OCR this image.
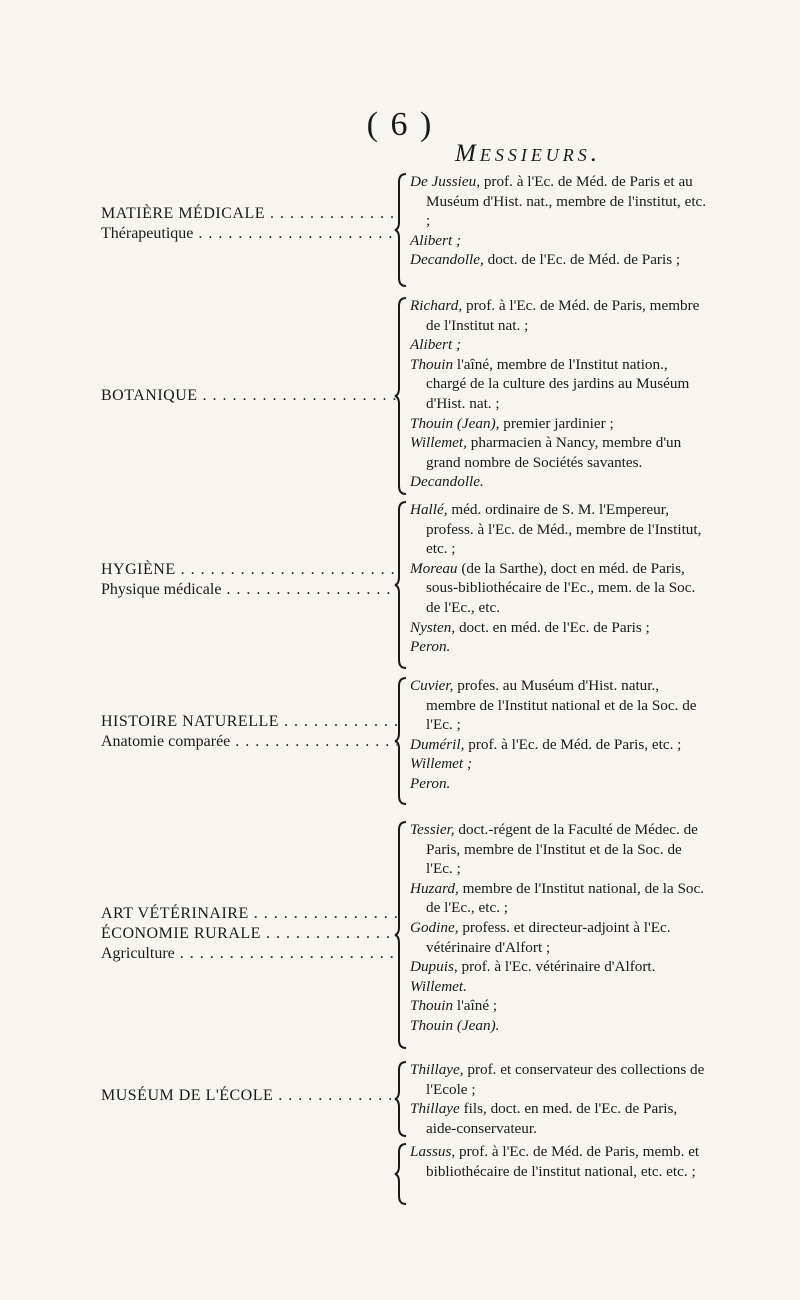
( 6 )
Messieurs.
MATIÈRE MÉDICALE . . .
Thérapeutique . . .
De Jussieu, prof. à l'Ec. de Méd. de Paris et au Muséum d'Hist. nat., membre de l'institut, etc. ;
Alibert ;
Decandolle, doct. de l'Ec. de Méd. de Paris ;
BOTANIQUE . . .
Richard, prof. à l'Ec. de Méd. de Paris, membre de l'Institut nat. ;
Alibert ;
Thouin l'aîné, membre de l'Institut nation., chargé de la culture des jardins au Muséum d'Hist. nat. ;
Thouin (Jean), premier jardinier ;
Willemet, pharmacien à Nancy, membre d'un grand nombre de Sociétés savantes.
Decandolle.
HYGIÈNE . . .
Physique médicale . . .
Hallé, méd. ordinaire de S. M. l'Empereur, profess. à l'Ec. de Méd., membre de l'Institut, etc. ;
Moreau (de la Sarthe), doct en méd. de Paris, sous-bibliothécaire de l'Ec., mem. de la Soc. de l'Ec., etc.
Nysten, doct. en méd. de l'Ec. de Paris ;
Peron.
HISTOIRE NATURELLE . . .
Anatomie comparée . . .
Cuvier, profes. au Muséum d'Hist. natur., membre de l'Institut national et de la Soc. de l'Ec. ;
Duméril, prof. à l'Ec. de Méd. de Paris, etc. ;
Willemet ;
Peron.
ART VÉTÉRINAIRE . . .
ÉCONOMIE RURALE . . .
Agriculture . . .
Tessier, doct.-régent de la Faculté de Médec. de Paris, membre de l'Institut et de la Soc. de l'Ec. ;
Huzard, membre de l'Institut national, de la Soc. de l'Ec., etc. ;
Godine, profess. et directeur-adjoint à l'Ec. vétérinaire d'Alfort ;
Dupuis, prof. à l'Ec. vétérinaire d'Alfort.
Willemet.
Thouin l'aîné ;
Thouin (Jean).
MUSÉUM DE L'ÉCOLE . . .
Thillaye, prof. et conservateur des collections de l'Ecole ;
Thillaye fils, doct. en med. de l'Ec. de Paris, aide-conservateur.
Lassus, prof. à l'Ec. de Méd. de Paris, memb. et bibliothécaire de l'institut national, etc. etc. ;
